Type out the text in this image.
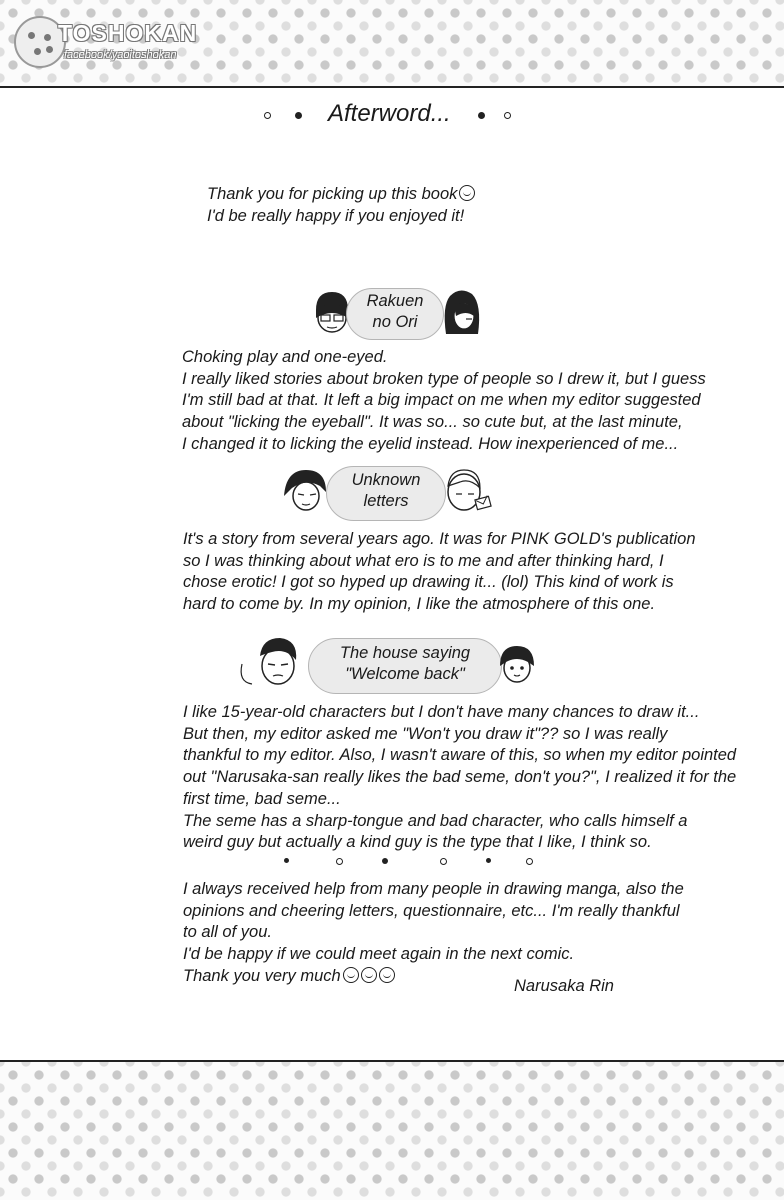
TOSHOKAN
facebook/yaoitoshokan
Afterword...
Thank you for picking up this book
I'd be really happy if you enjoyed it!
Rakuen
no Ori
Choking play and one-eyed.
I really liked stories about broken type of people so I drew it, but I guess
I'm still bad at that. It left a big impact on me when my editor suggested
about "licking the eyeball". It was so... so cute but, at the last minute,
I changed it to licking the eyelid instead. How inexperienced of me...
Unknown
letters
It's a story from several years ago. It was for PINK GOLD's publication
so I was thinking about what ero is to me and after thinking hard, I
chose erotic! I got so hyped up drawing it... (lol) This kind of work is
hard to come by. In my opinion, I like the atmosphere of this one.
The house saying
"Welcome back"
I like 15-year-old characters but I don't have many chances to draw it...
But then, my editor asked me "Won't you draw it"?? so I was really
thankful to my editor. Also, I wasn't aware of this, so when my editor pointed
out "Narusaka-san really likes the bad seme, don't you?", I realized it for the
first time, bad seme...
The seme has a sharp-tongue and bad character, who calls himself a
weird guy but actually a kind guy is the type that I like, I think so.
I always received help from many people in drawing manga, also the
opinions and cheering letters, questionnaire, etc... I'm really thankful
to all of you.
I'd be happy if we could meet again in the next comic.
Thank you very much
Narusaka Rin
